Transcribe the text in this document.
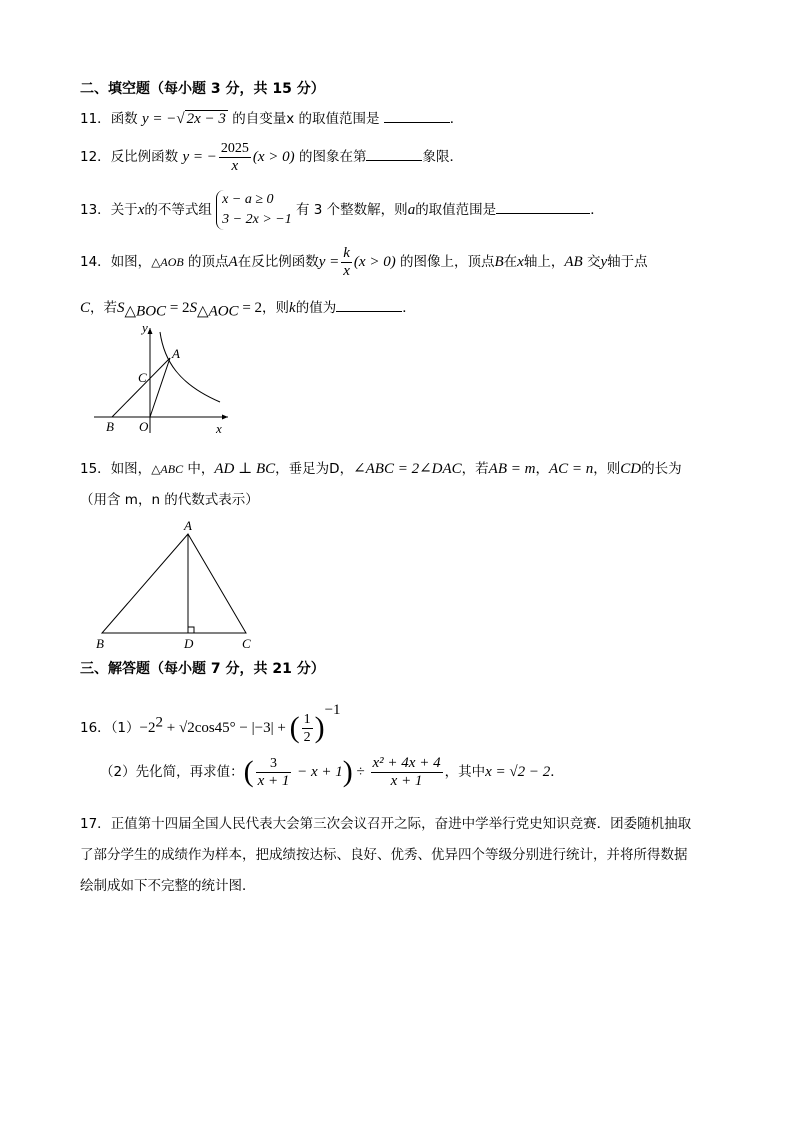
二、填空题（每小题 3 分，共 15 分）
11．函数 y = −√ 2x − 3 的自变量x 的取值范围是	．
12．反比例函数 y = − $\frac{2025}{x} (x > 0)$ 的图象在第	象限．
13．关于x的不等式组
x − a ≥ 0
3 − 2x > −1
有 3 个整数解，则a的取值范围是	．
14．如图，△AOB 的顶点A在反比例函数$y = \frac{k}{x} (x > 0)$ 的图像上，顶点B在x轴上，AB 交y轴于点
C，若$S_{\triangle BOC} = 2S_{\triangle AOC} = 2$，则k的值为	．
y
A
C
B O	x
15．如图，△ABC 中，AD ⊥ BC，垂足为D，∠ABC = 2∠DAC，若AB = m，AC = n，则CD的长为
（用含 m，n 的代数式表示）
A
B	D	C
三、解答题（每小题 7 分，共 21 分）
16．$(1)-2^2 + √2\cos 45^\circ - |-3|$ + ( $\frac{1}{2} )^{-1}$
（2）先化简，再求值：( $\frac{3}{x + 1} - x + 1) \div \frac{\text{x² + 4x + 4}}{x + 1}$ ，其中x = √2 − 2．
17．正值第十四届全国人民代表大会第三次会议召开之际，奋进中学举行党史知识竞赛．团委随机抽取
了部分学生的成绩作为样本，把成绩按达标、良好、优秀、优异四个等级分别进行统计，并将所得数据
绘制成如下不完整的统计图．
